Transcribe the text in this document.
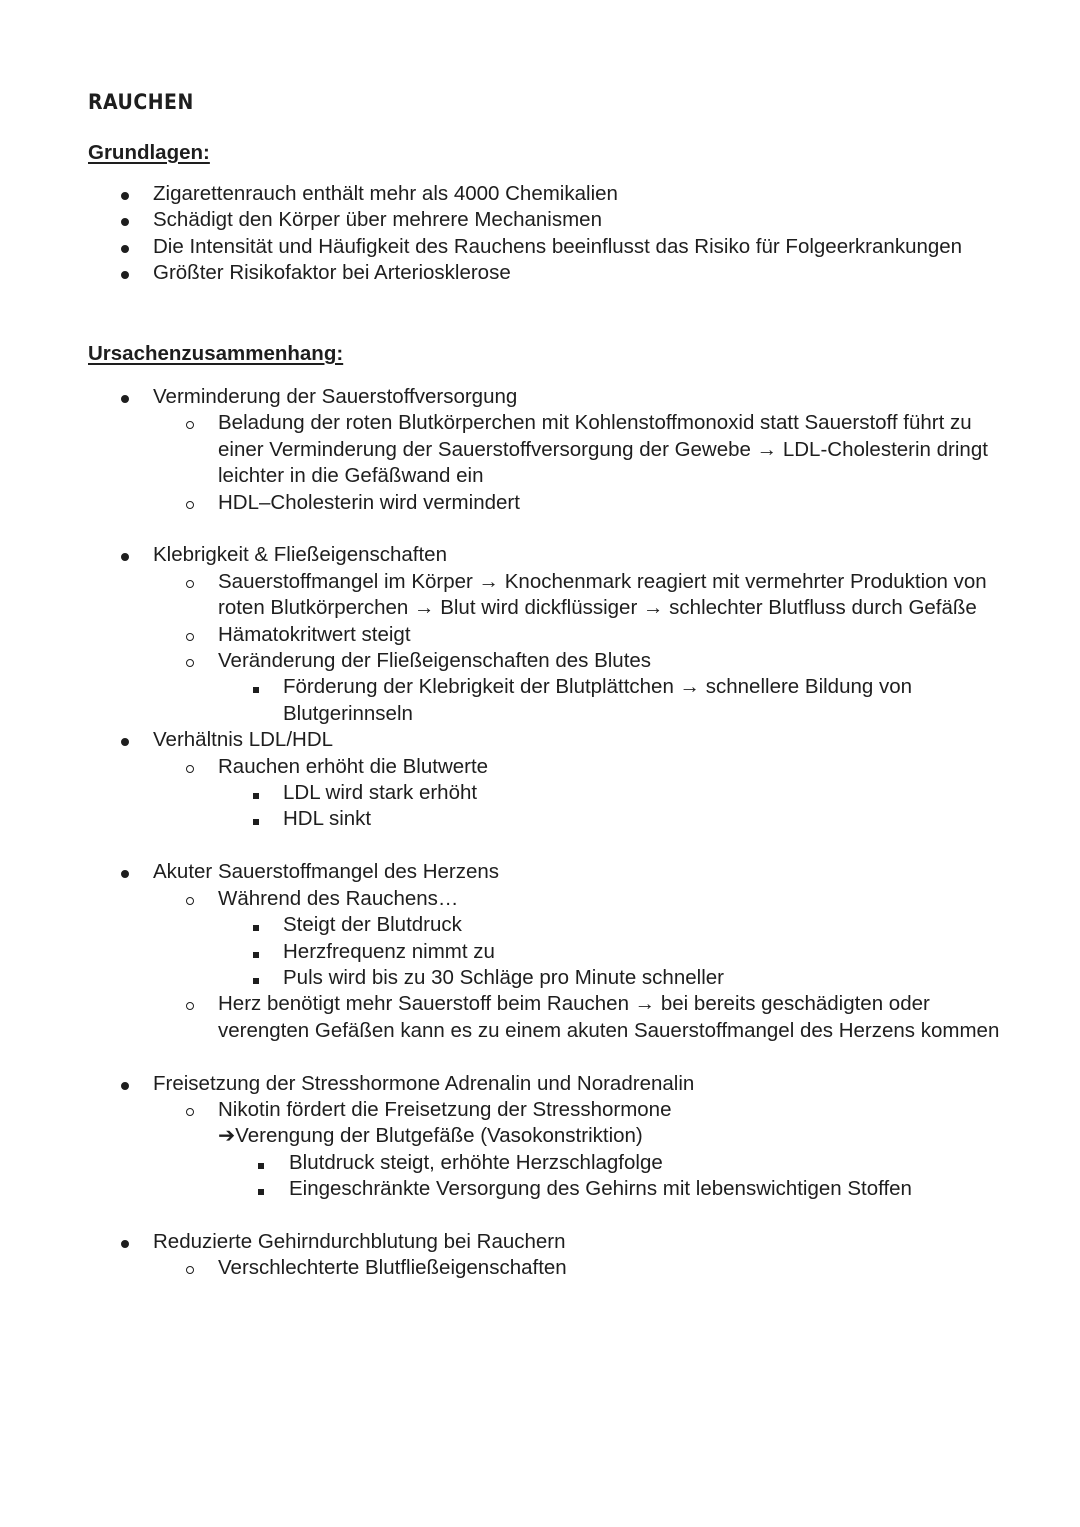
RAUCHEN
Grundlagen:
Zigarettenrauch enthält mehr als 4000 Chemikalien
Schädigt den Körper über mehrere Mechanismen
Die Intensität und Häufigkeit des Rauchens beeinflusst das Risiko für Folgeerkrankungen
Größter Risikofaktor bei Arteriosklerose
Ursachenzusammenhang:
Verminderung der Sauerstoffversorgung
Beladung der roten Blutkörperchen mit Kohlenstoffmonoxid statt Sauerstoff führt zu einer Verminderung der Sauerstoffversorgung der Gewebe → LDL-Cholesterin dringt leichter in die Gefäßwand ein
HDL–Cholesterin wird vermindert
Klebrigkeit & Fließeigenschaften
Sauerstoffmangel im Körper → Knochenmark reagiert mit vermehrter Produktion von roten Blutkörperchen → Blut wird dickflüssiger → schlechter Blutfluss durch Gefäße
Hämatokritwert steigt
Veränderung der Fließeigenschaften des Blutes
Förderung der Klebrigkeit der Blutplättchen → schnellere Bildung von Blutgerinnseln
Verhältnis LDL/HDL
Rauchen erhöht die Blutwerte
LDL wird stark erhöht
HDL sinkt
Akuter Sauerstoffmangel des Herzens
Während des Rauchens…
Steigt der Blutdruck
Herzfrequenz nimmt zu
Puls wird bis zu 30 Schläge pro Minute schneller
Herz benötigt mehr Sauerstoff beim Rauchen → bei bereits geschädigten oder verengten Gefäßen kann es zu einem akuten Sauerstoffmangel des Herzens kommen
Freisetzung der Stresshormone Adrenalin und Noradrenalin
Nikotin fördert die Freisetzung der Stresshormone
➔Verengung der Blutgefäße (Vasokonstriktion)
Blutdruck steigt, erhöhte Herzschlagfolge
Eingeschränkte Versorgung des Gehirns mit lebenswichtigen Stoffen
Reduzierte Gehirndurchblutung bei Rauchern
Verschlechterte Blutfließeigenschaften
